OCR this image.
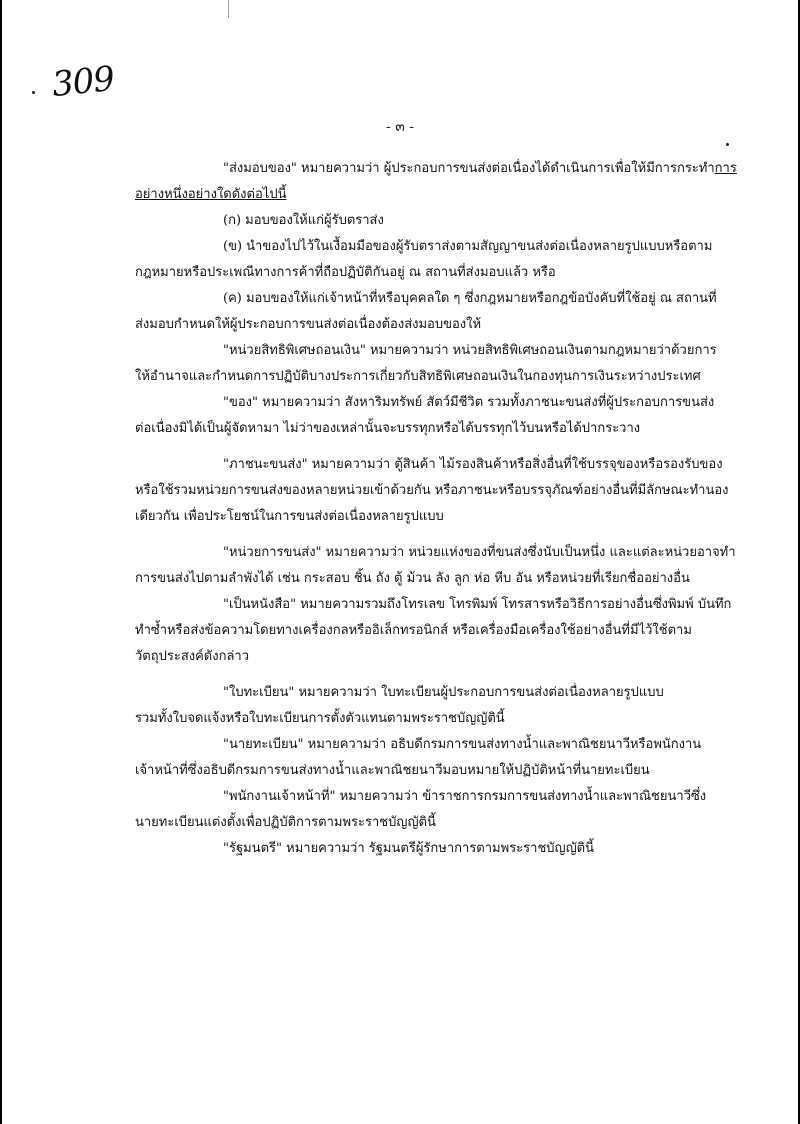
309
- ๓ -

"ส่งมอบของ" หมายความว่า ผู้ประกอบการขนส่งต่อเนื่องได้ดำเนินการเพื่อให้มีการกระทำการ

อย่างหนึ่งอย่างใดดังต่อไปนี้

(ก) มอบของให้แก่ผู้รับตราส่ง

(ข) นำของไปไว้ในเงื้อมมือของผู้รับตราส่งตามสัญญาขนส่งต่อเนื่องหลายรูปแบบหรือตาม

กฎหมายหรือประเพณีทางการค้าที่ถือปฏิบัติกันอยู่ ณ สถานที่ส่งมอบแล้ว หรือ

(ค) มอบของให้แก่เจ้าหน้าที่หรือบุคคลใด ๆ ซึ่งกฎหมายหรือกฎข้อบังคับที่ใช้อยู่ ณ สถานที่

ส่งมอบกำหนดให้ผู้ประกอบการขนส่งต่อเนื่องต้องส่งมอบของให้

"หน่วยสิทธิพิเศษถอนเงิน" หมายความว่า หน่วยสิทธิพิเศษถอนเงินตามกฎหมายว่าด้วยการ

ให้อำนาจและกำหนดการปฏิบัติบางประการเกี่ยวกับสิทธิพิเศษถอนเงินในกองทุนการเงินระหว่างประเทศ

"ของ" หมายความว่า สังหาริมทรัพย์ สัตว์มีชีวิต รวมทั้งภาชนะขนส่งที่ผู้ประกอบการขนส่ง

ต่อเนื่องมิได้เป็นผู้จัดหามา ไม่ว่าของเหล่านั้นจะบรรทุกหรือได้บรรทุกไว้บนหรือได้ปากระวาง

"ภาชนะขนส่ง" หมายความว่า ตู้สินค้า ไม้รองสินค้าหรือสิ่งอื่นที่ใช้บรรจุของหรือรองรับของ

หรือใช้รวมหน่วยการขนส่งของหลายหน่วยเข้าด้วยกัน หรือภาชนะหรือบรรจุภัณฑ์อย่างอื่นที่มีลักษณะทำนอง

เดียวกัน เพื่อประโยชน์ในการขนส่งต่อเนื่องหลายรูปแบบ

"หน่วยการขนส่ง" หมายความว่า หน่วยแห่งของที่ขนส่งซึ่งนับเป็นหนึ่ง และแต่ละหน่วยอาจทำ

การขนส่งไปตามลำพังได้ เช่น กระสอบ ชิ้น ถัง ตู้ ม้วน ลัง ลูก ห่อ หีบ อัน หรือหน่วยที่เรียกชื่ออย่างอื่น

"เป็นหนังสือ" หมายความรวมถึงโทรเลข โทรพิมพ์ โทรสารหรือวิธีการอย่างอื่นซึ่งพิมพ์ บันทึก

ทำซ้ำหรือส่งข้อความโดยทางเครื่องกลหรืออิเล็กทรอนิกส์ หรือเครื่องมือเครื่องใช้อย่างอื่นที่มีไว้ใช้ตาม

วัตถุประสงค์ดังกล่าว

"ใบทะเบียน" หมายความว่า ใบทะเบียนผู้ประกอบการขนส่งต่อเนื่องหลายรูปแบบ

รวมทั้งใบจดแจ้งหรือใบทะเบียนการตั้งตัวแทนตามพระราชบัญญัตินี้

"นายทะเบียน" หมายความว่า อธิบดีกรมการขนส่งทางน้ำและพาณิชยนาวีหรือพนักงาน

เจ้าหน้าที่ซึ่งอธิบดีกรมการขนส่งทางน้ำและพาณิชยนาวีมอบหมายให้ปฏิบัติหน้าที่นายทะเบียน

"พนักงานเจ้าหน้าที่" หมายความว่า ข้าราชการกรมการขนส่งทางน้ำและพาณิชยนาวีซึ่ง

นายทะเบียนแต่งตั้งเพื่อปฏิบัติการตามพระราชบัญญัตินี้

"รัฐมนตรี" หมายความว่า รัฐมนตรีผู้รักษาการตามพระราชบัญญัตินี้
